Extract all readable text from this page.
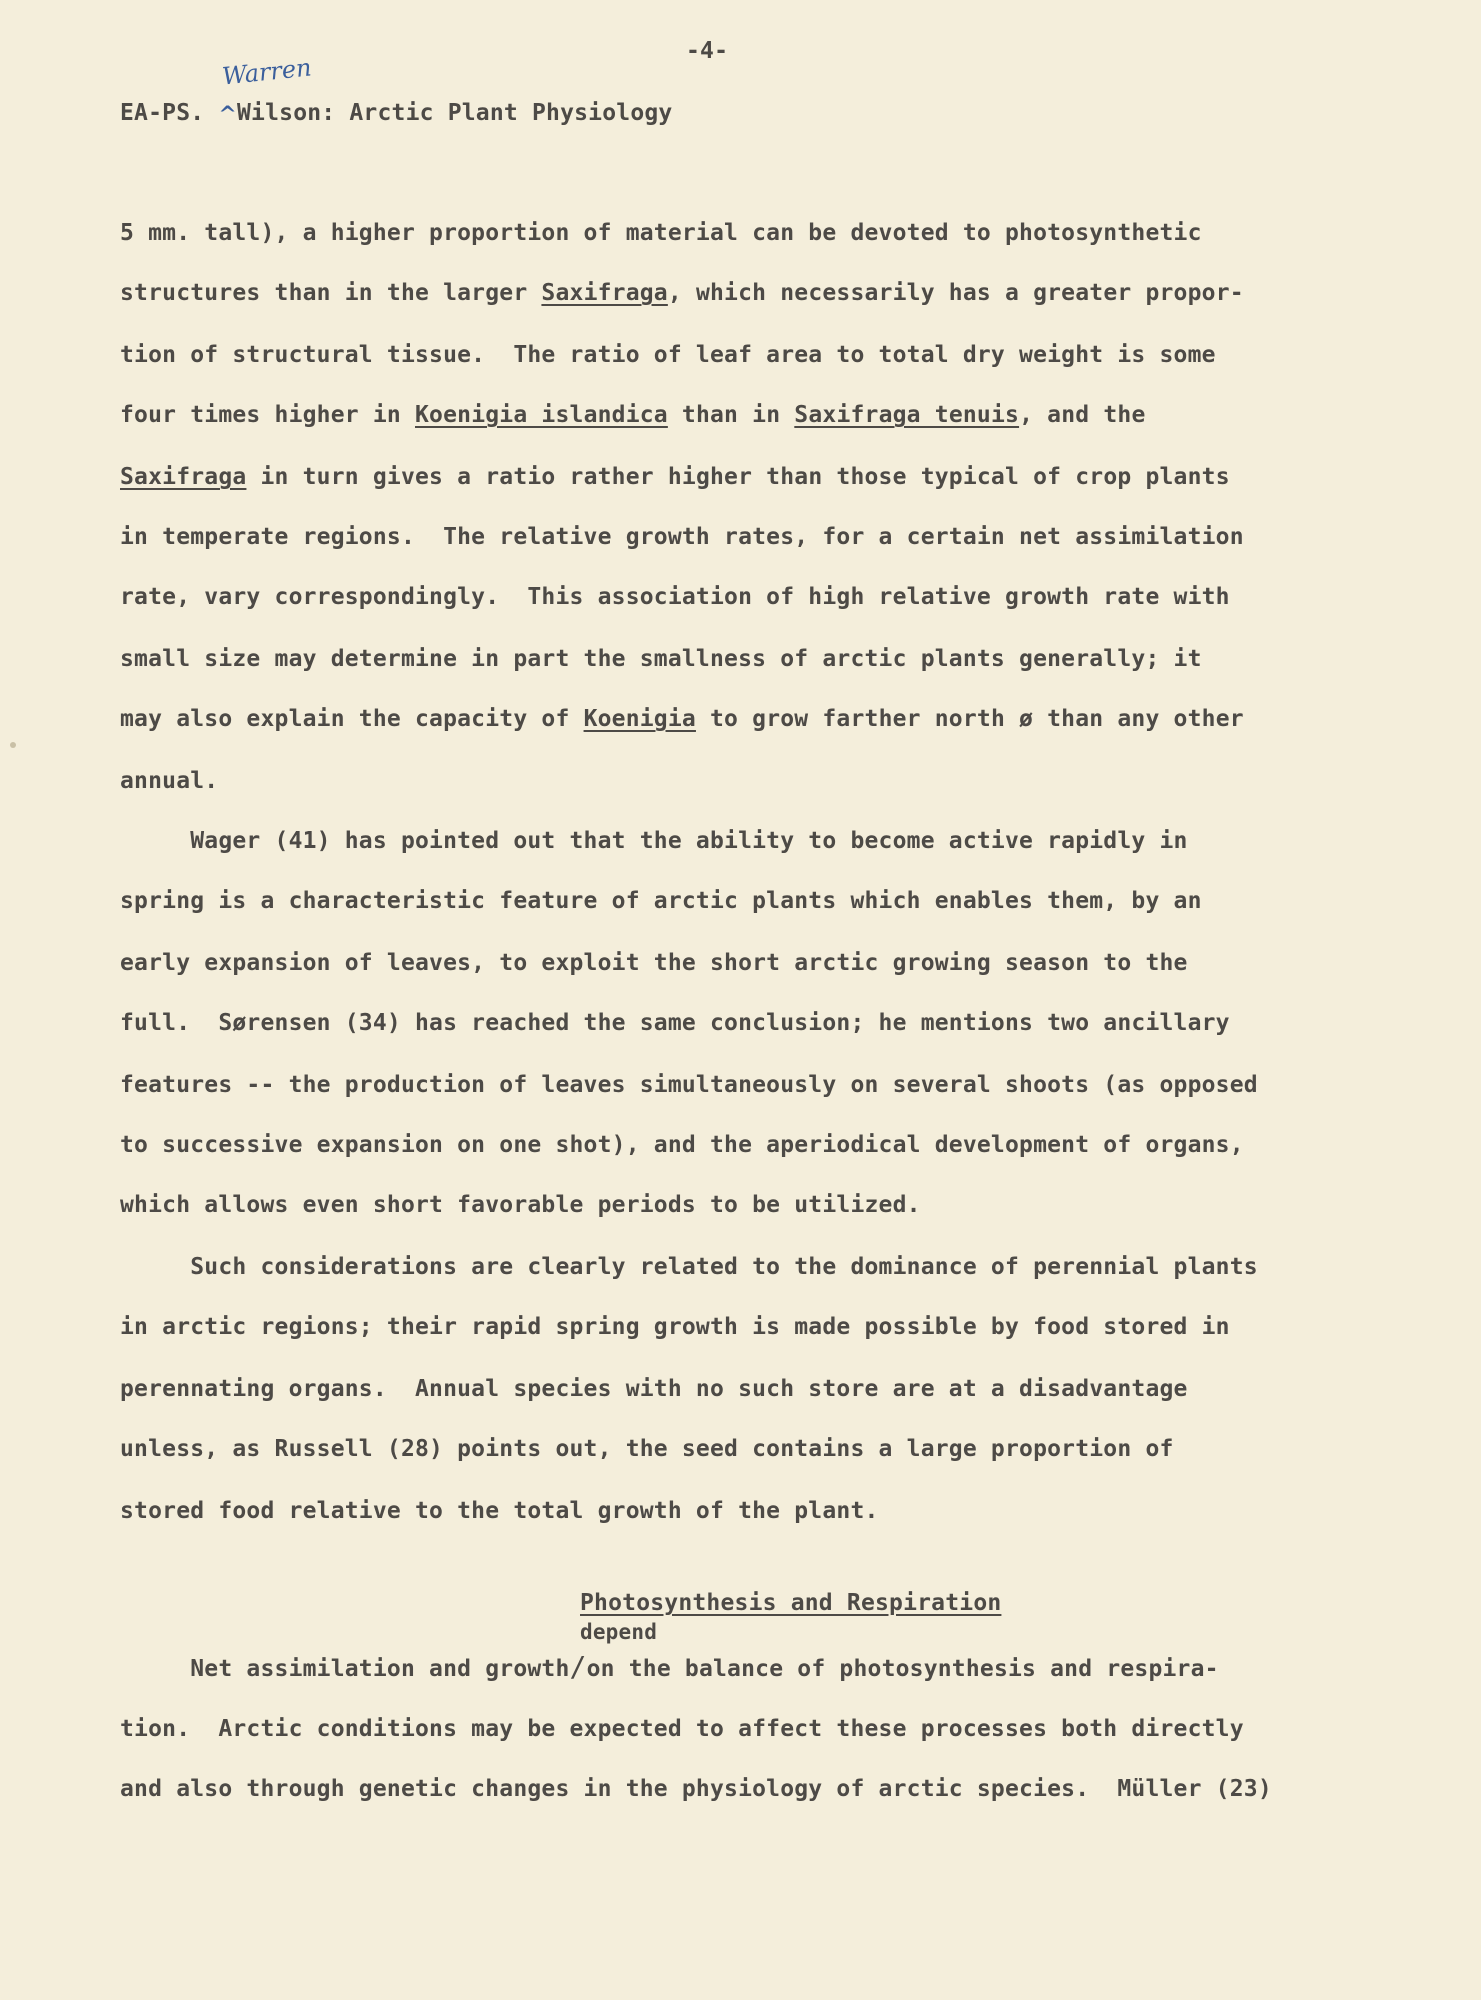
-4-
EA-PS. ^Wilson: Arctic Plant Physiology
Warren
5 mm. tall), a higher proportion of material can be devoted to photosynthetic
structures than in the larger Saxifraga, which necessarily has a greater propor-
tion of structural tissue.  The ratio of leaf area to total dry weight is some
four times higher in Koenigia islandica than in Saxifraga tenuis, and the
Saxifraga in turn gives a ratio rather higher than those typical of crop plants
in temperate regions.  The relative growth rates, for a certain net assimilation
rate, vary correspondingly.  This association of high relative growth rate with
small size may determine in part the smallness of arctic plants generally; it
may also explain the capacity of Koenigia to grow farther north ø than any other
annual.
Wager (41) has pointed out that the ability to become active rapidly in
spring is a characteristic feature of arctic plants which enables them, by an
early expansion of leaves, to exploit the short arctic growing season to the
full.  Sørensen (34) has reached the same conclusion; he mentions two ancillary
features -- the production of leaves simultaneously on several shoots (as opposed
to successive expansion on one shot), and the aperiodical development of organs,
which allows even short favorable periods to be utilized.
Such considerations are clearly related to the dominance of perennial plants
in arctic regions; their rapid spring growth is made possible by food stored in
perennating organs.  Annual species with no such store are at a disadvantage
unless, as Russell (28) points out, the seed contains a large proportion of
stored food relative to the total growth of the plant.
Photosynthesis and Respiration
depend
Net assimilation and growth/on the balance of photosynthesis and respira-
tion.  Arctic conditions may be expected to affect these processes both directly
and also through genetic changes in the physiology of arctic species.  Müller (23)
